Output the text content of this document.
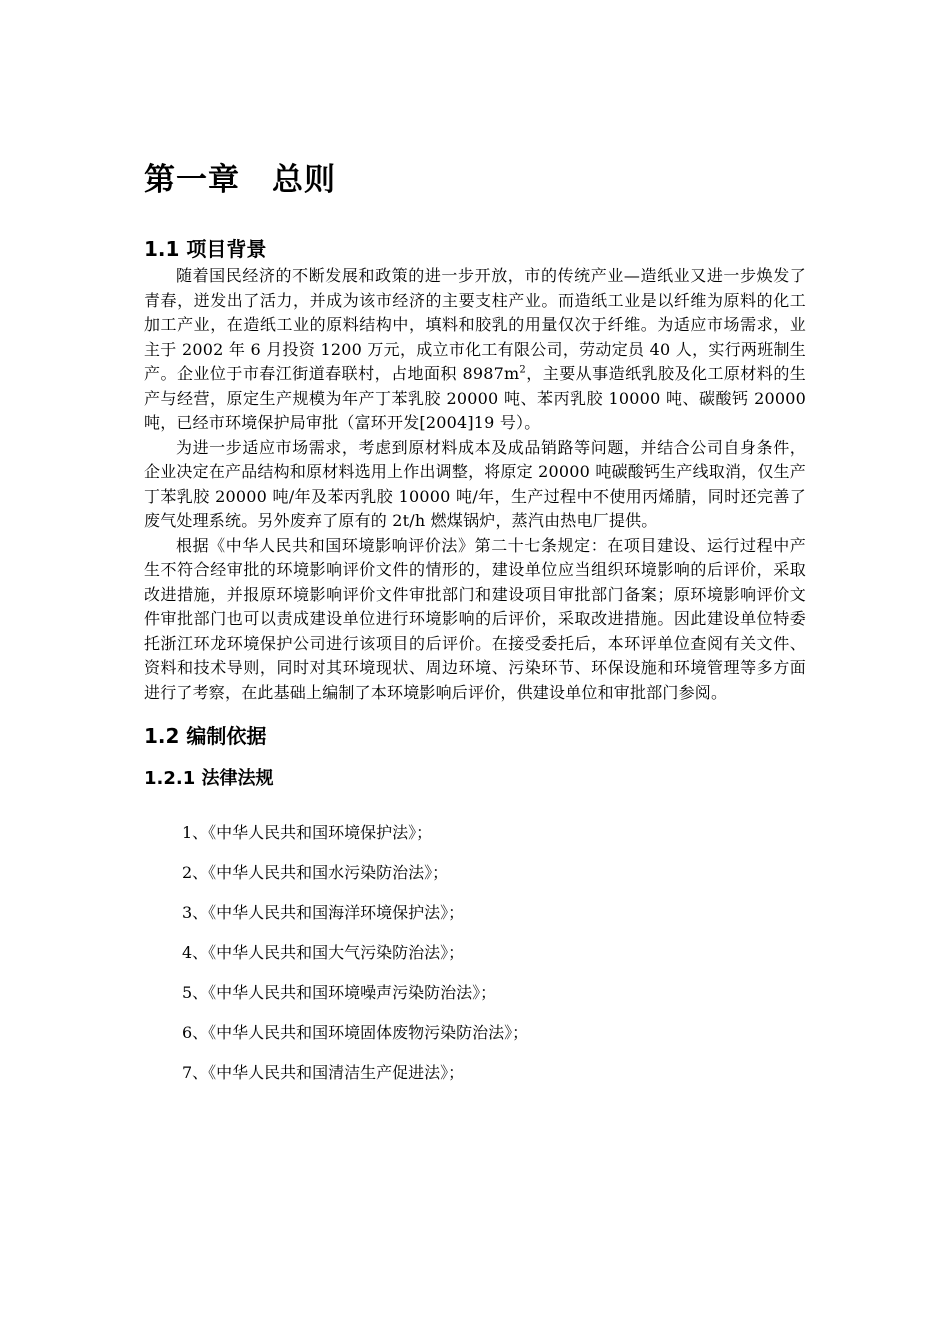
第一章　总则
1.1 项目背景

随着国民经济的不断发展和政策的进一步开放，市的传统产业—造纸业又进一步焕发了青春，迸发出了活力，并成为该市经济的主要支柱产业。而造纸工业是以纤维为原料的化工加工产业，在造纸工业的原料结构中，填料和胶乳的用量仅次于纤维。为适应市场需求，业主于 2002 年 6 月投资 1200 万元，成立市化工有限公司，劳动定员 40 人，实行两班制生产。企业位于市春江街道春联村，占地面积 $8987m^2$，主要从事造纸乳胶及化工原材料的生产与经营，原定生产规模为年产丁苯乳胶 20000 吨、苯丙乳胶 10000 吨、碳酸钙 20000 吨，已经市环境保护局审批（富环开发[2004]19 号）。

为进一步适应市场需求，考虑到原材料成本及成品销路等问题，并结合公司自身条件，企业决定在产品结构和原材料选用上作出调整，将原定 20000 吨碳酸钙生产线取消，仅生产丁苯乳胶 20000 吨/年及苯丙乳胶 10000 吨/年，生产过程中不使用丙烯腈，同时还完善了废气处理系统。另外废弃了原有的 2t/h 燃煤锅炉，蒸汽由热电厂提供。

根据《中华人民共和国环境影响评价法》第二十七条规定：在项目建设、运行过程中产生不符合经审批的环境影响评价文件的情形的，建设单位应当组织环境影响的后评价，采取改进措施，并报原环境影响评价文件审批部门和建设项目审批部门备案；原环境影响评价文件审批部门也可以责成建设单位进行环境影响的后评价，采取改进措施。因此建设单位特委托浙江环龙环境保护公司进行该项目的后评价。在接受委托后，本环评单位查阅有关文件、资料和技术导则，同时对其环境现状、周边环境、污染环节、环保设施和环境管理等多方面进行了考察，在此基础上编制了本环境影响后评价，供建设单位和审批部门参阅。

1.2 编制依据
1.2.1 法律法规
1、《中华人民共和国环境保护法》；
2、《中华人民共和国水污染防治法》；
3、《中华人民共和国海洋环境保护法》；
4、《中华人民共和国大气污染防治法》；
5、《中华人民共和国环境噪声污染防治法》；
6、《中华人民共和国环境固体废物污染防治法》；
7、《中华人民共和国清洁生产促进法》；
